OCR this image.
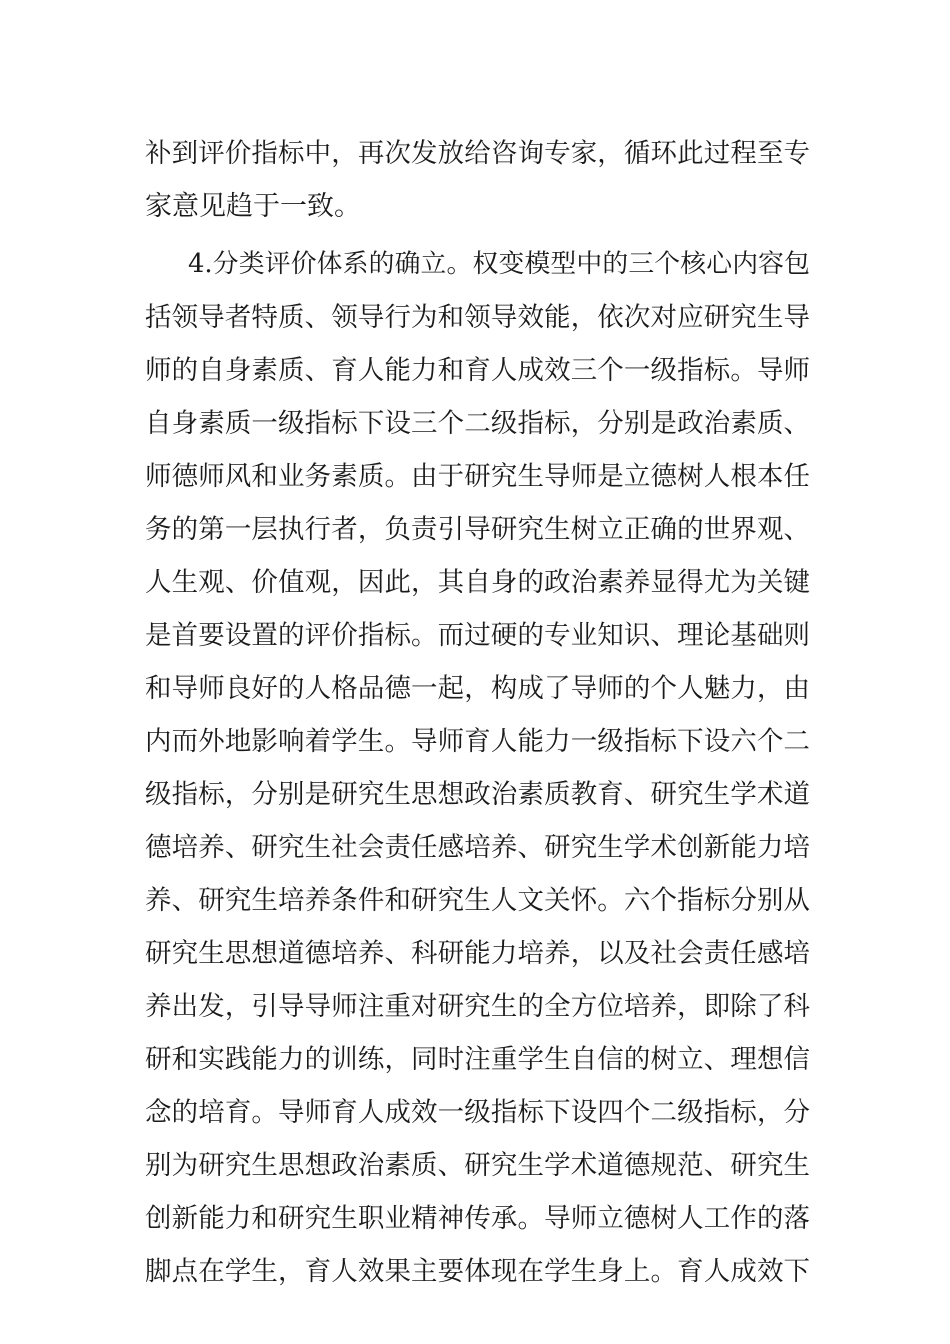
补到评价指标中，再次发放给咨询专家，循环此过程至专
家意见趋于一致。
4.分类评价体系的确立。权变模型中的三个核心内容包
括领导者特质、领导行为和领导效能，依次对应研究生导
师的自身素质、育人能力和育人成效三个一级指标。导师
自身素质一级指标下设三个二级指标，分别是政治素质、
师德师风和业务素质。由于研究生导师是立德树人根本任
务的第一层执行者，负责引导研究生树立正确的世界观、
人生观、价值观，因此，其自身的政治素养显得尤为关键
是首要设置的评价指标。而过硬的专业知识、理论基础则
和导师良好的人格品德一起，构成了导师的个人魅力，由
内而外地影响着学生。导师育人能力一级指标下设六个二
级指标，分别是研究生思想政治素质教育、研究生学术道
德培养、研究生社会责任感培养、研究生学术创新能力培
养、研究生培养条件和研究生人文关怀。六个指标分别从
研究生思想道德培养、科研能力培养，以及社会责任感培
养出发，引导导师注重对研究生的全方位培养，即除了科
研和实践能力的训练，同时注重学生自信的树立、理想信
念的培育。导师育人成效一级指标下设四个二级指标，分
别为研究生思想政治素质、研究生学术道德规范、研究生
创新能力和研究生职业精神传承。导师立德树人工作的落
脚点在学生，育人效果主要体现在学生身上。育人成效下
